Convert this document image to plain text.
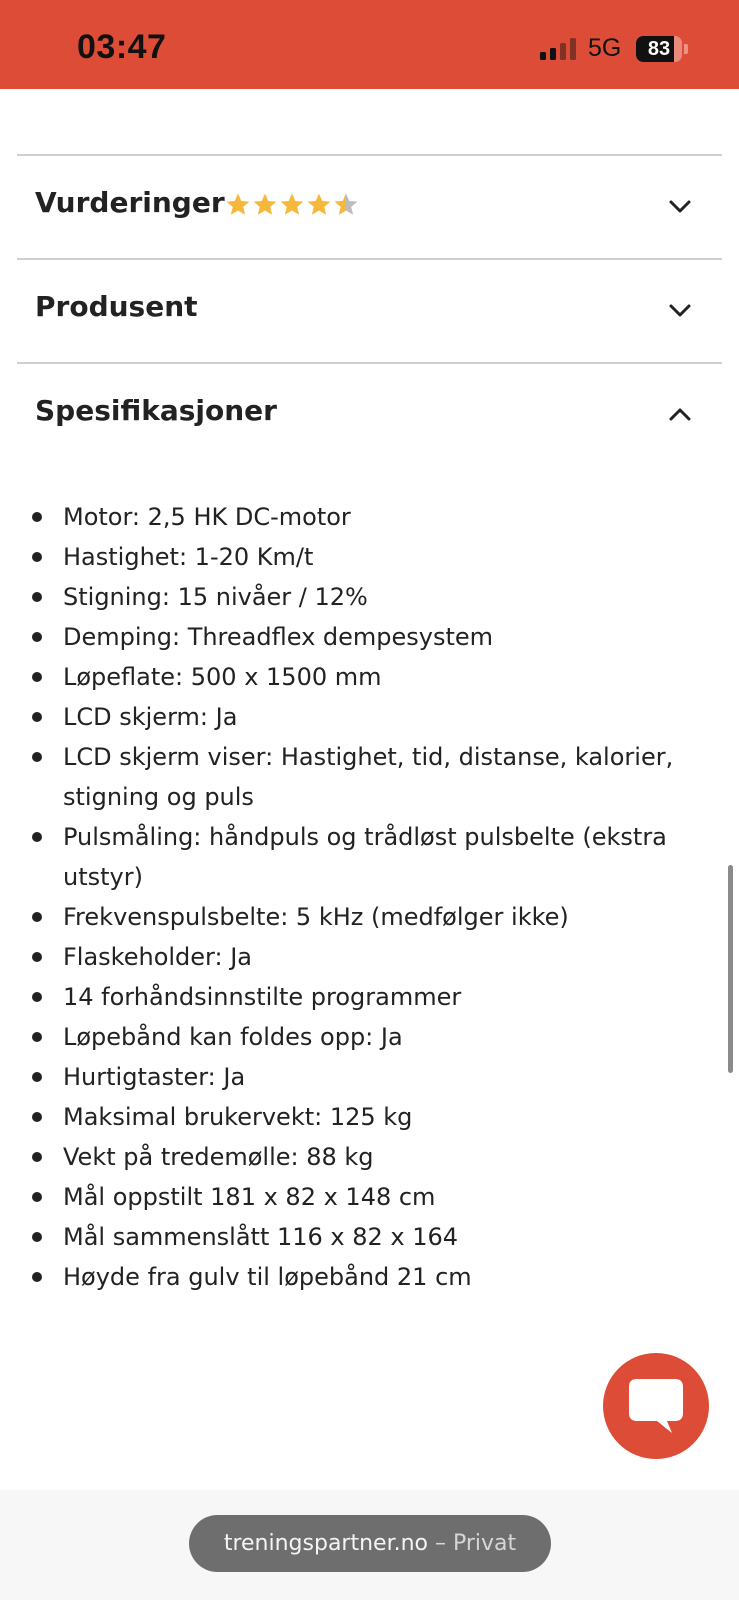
03:47	5G	83
Vurderinger
Produsent
Spesifikasjoner
Motor: 2,5 HK DC-motor
Hastighet: 1-20 Km/t
Stigning: 15 nivåer / 12%
Demping: Threadflex dempesystem
Løpeflate: 500 x 1500 mm
LCD skjerm: Ja
LCD skjerm viser: Hastighet, tid, distanse, kalorier, stigning og puls
Pulsmåling: håndpuls og trådløst pulsbelte (ekstra utstyr)
Frekvenspulsbelte: 5 kHz (medfølger ikke)
Flaskeholder: Ja
14 forhåndsinnstilte programmer
Løpebånd kan foldes opp: Ja
Hurtigtaster: Ja
Maksimal brukervekt: 125 kg
Vekt på tredemølle: 88 kg
Mål oppstilt 181 x 82 x 148 cm
Mål sammenslått 116 x 82 x 164
Høyde fra gulv til løpebånd 21 cm
treningspartner.no – Privat
